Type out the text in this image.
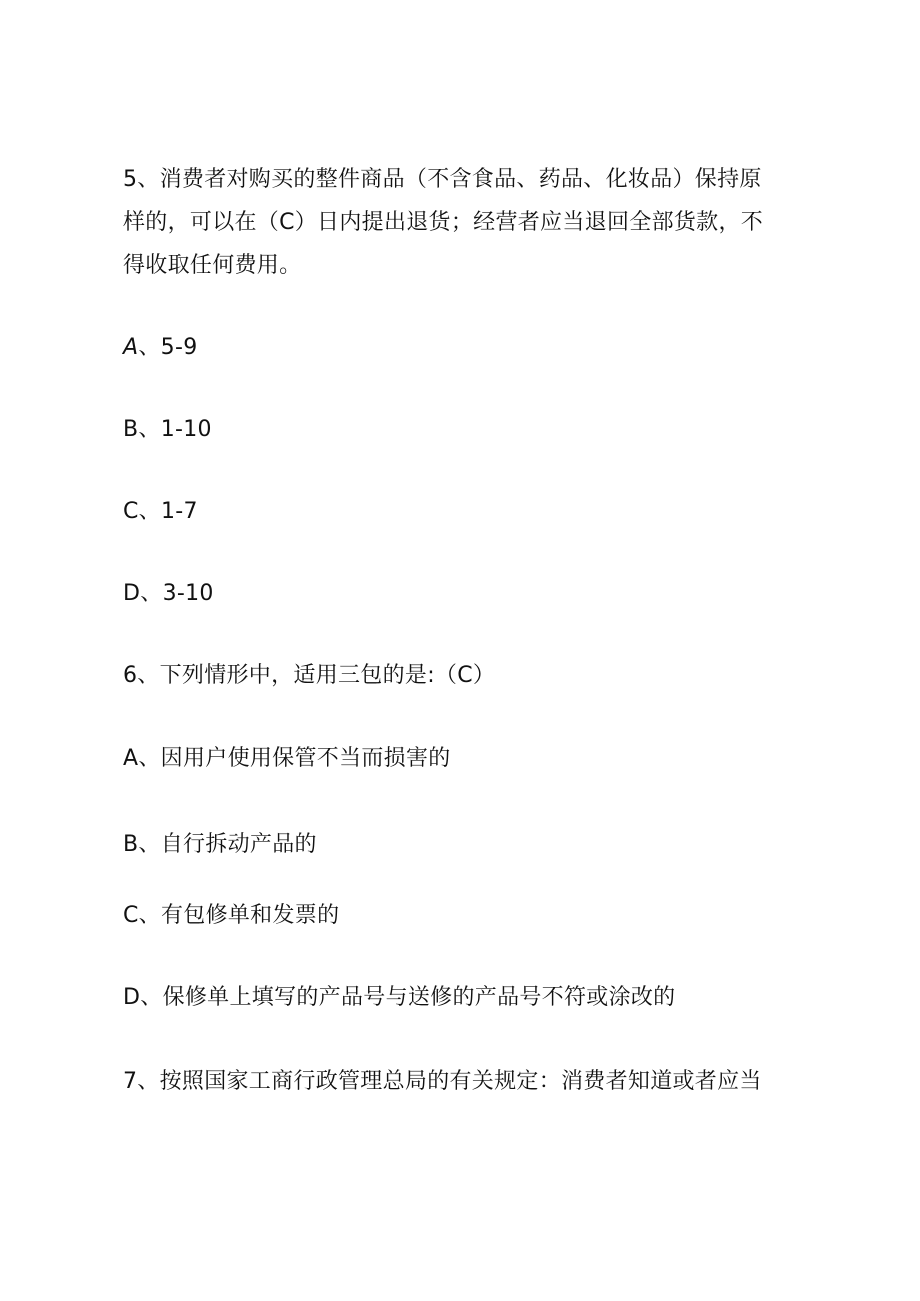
5、消费者对购买的整件商品（不含食品、药品、化妆品）保持原
样的，可以在（C）日内提出退货；经营者应当退回全部货款，不
得收取任何费用。
A、5-9
B、1-10
C、1-7
D、3-10
6、下列情形中，适用三包的是:（C）
A、因用户使用保管不当而损害的
B、自行拆动产品的
C、有包修单和发票的
D、保修单上填写的产品号与送修的产品号不符或涂改的
7、按照国家工商行政管理总局的有关规定：消费者知道或者应当
